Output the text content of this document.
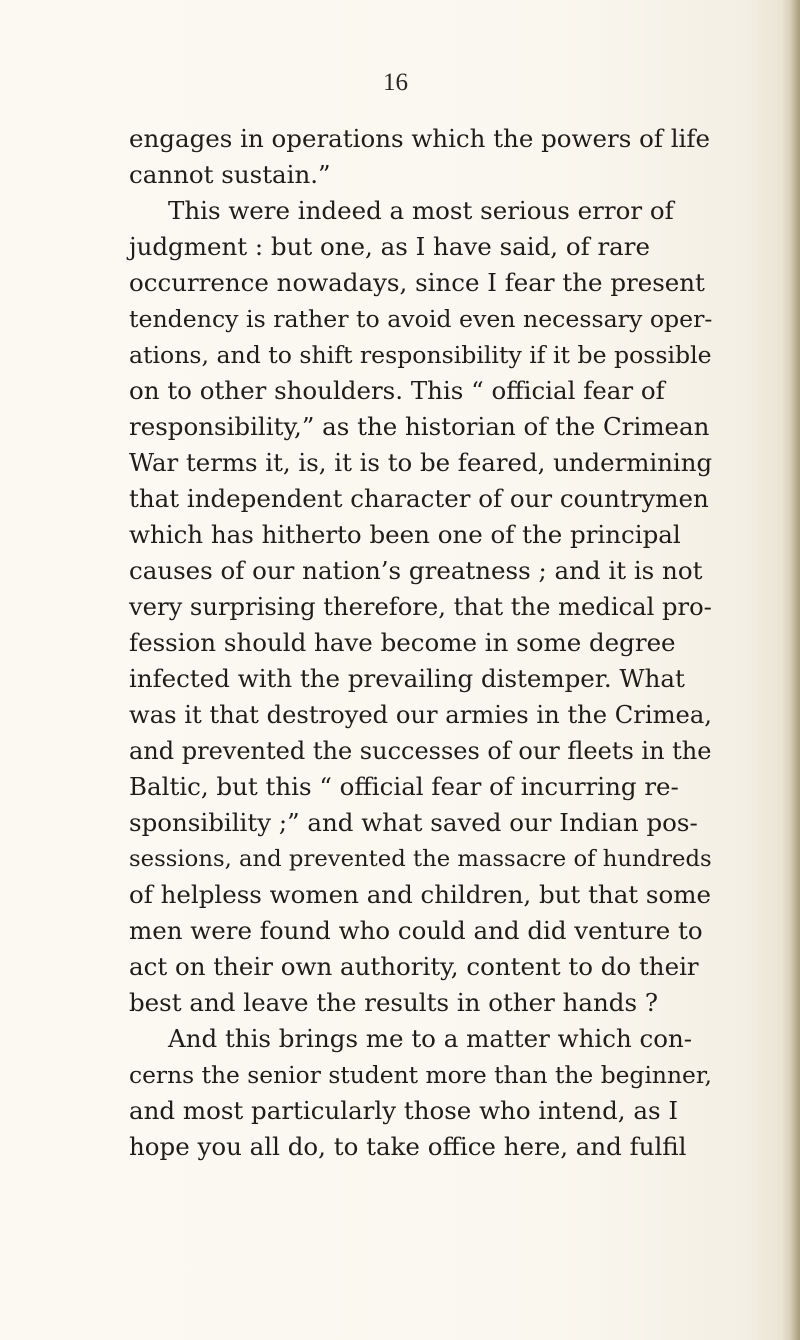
16

engages in operations which the powers of life

cannot sustain.”

This were indeed a most serious error of

judgment : but one, as I have said, of rare

occurrence nowadays, since I fear the present

tendency is rather to avoid even necessary oper-

ations, and to shift responsibility if it be possible

on to other shoulders. This “ official fear of

responsibility,” as the historian of the Crimean

War terms it, is, it is to be feared, undermining

that independent character of our countrymen

which has hitherto been one of the principal

causes of our nation’s greatness ; and it is not

very surprising therefore, that the medical pro-

fession should have become in some degree

infected with the prevailing distemper. What

was it that destroyed our armies in the Crimea,

and prevented the successes of our fleets in the

Baltic, but this “ official fear of incurring re-

sponsibility ;” and what saved our Indian pos-

sessions, and prevented the massacre of hundreds

of helpless women and children, but that some

men were found who could and did venture to

act on their own authority, content to do their

best and leave the results in other hands ?

And this brings me to a matter which con-

cerns the senior student more than the beginner,

and most particularly those who intend, as I

hope you all do, to take office here, and fulfil
